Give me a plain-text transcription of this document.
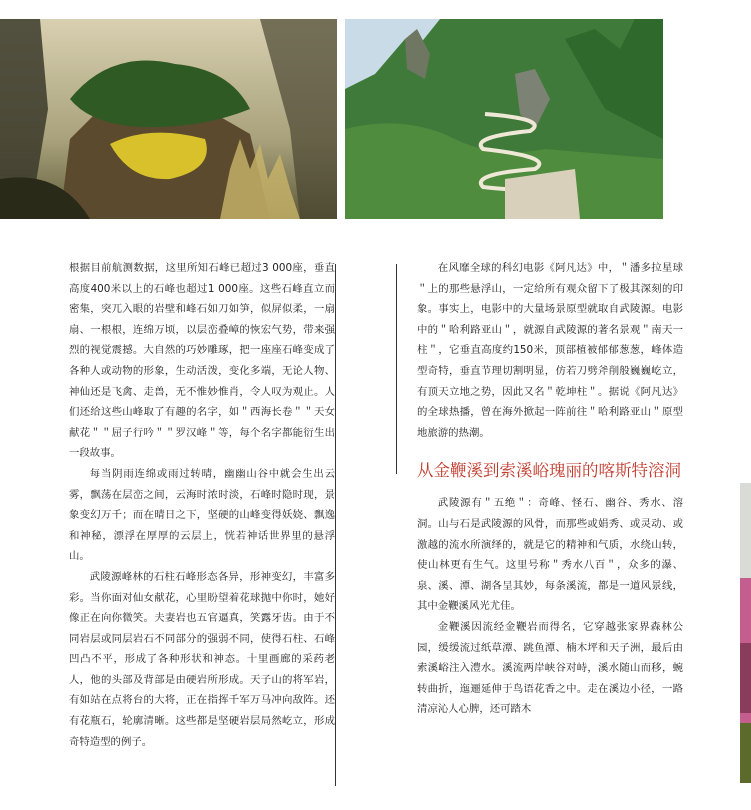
根据目前航测数据，这里所知石峰已超过3 000座，垂直高度400米以上的石峰也超过1 000座。这些石峰直立而密集，突兀入眼的岩壁和峰石如刀如笋，似屏似柔，一扇扇、一根根，连绵万顷，以层峦叠嶂的恢宏气势，带来强烈的视觉震撼。大自然的巧妙雕琢，把一座座石峰变成了各种人或动物的形象，生动活泼，变化多端，无论人物、神仙还是飞禽、走兽，无不惟妙惟肖，令人叹为观止。人们还给这些山峰取了有趣的名字，如＂西海长卷＂＂天女献花＂＂屈子行吟＂＂罗汉峰＂等，每个名字都能衍生出一段故事。

每当阴雨连绵或雨过转晴，幽幽山谷中就会生出云雾，飘荡在层峦之间，云海时浓时淡，石峰时隐时现，景象变幻万千；而在晴日之下，坚硬的山峰变得妖娆、飘逸和神秘，漂浮在厚厚的云层上，恍若神话世界里的悬浮山。

武陵源峰林的石柱石峰形态各异，形神变幻，丰富多彩。当你面对仙女献花，心里盼望着花球抛中你时，她好像正在向你微笑。夫妻岩也五官逼真，笑露牙齿。由于不同岩层或同层岩石不同部分的强弱不同，使得石柱、石峰凹凸不平，形成了各种形状和神态。十里画廊的采药老人，他的头部及背部是由硬岩所形成。天子山的将军岩，有如站在点将台的大将，正在指挥千军万马冲向敌阵。还有花瓶石，轮廓清晰。这些都是坚硬岩层局然屹立，形成奇特造型的例子。

在风靡全球的科幻电影《阿凡达》中，＂潘多拉星球＂上的那些悬浮山，一定给所有观众留下了极其深刻的印象。事实上，电影中的大量场景原型就取自武陵源。电影中的＂哈利路亚山＂，就源自武陵源的著名景观＂南天一柱＂，它垂直高度约150米，顶部植被郁郁葱葱，峰体造型奇特，垂直节理切割明显，仿若刀劈斧削般巍巍屹立，有顶天立地之势，因此又名＂乾坤柱＂。据说《阿凡达》的全球热播，曾在海外掀起一阵前往＂哈利路亚山＂原型地旅游的热潮。

从金鞭溪到索溪峪瑰丽的喀斯特溶洞

武陵源有＂五绝＂：奇峰、怪石、幽谷、秀水、溶洞。山与石是武陵源的风骨，而那些或娟秀、或灵动、或激越的流水所演绎的，就是它的精神和气质，水绕山转，使山林更有生气。这里号称＂秀水八百＂，众多的瀑、泉、溪、潭、湖各呈其妙，每条溪流，都是一道风景线，其中金鞭溪风光尤佳。

金鞭溪因流经金鞭岩而得名，它穿越张家界森林公园，缓缓流过纸草潭、跳鱼潭、楠木坪和天子洲，最后由索溪峪注入澧水。溪流两岸峡谷对峙，溪水随山而移，蜿转曲折，迤逦延伸于鸟语花香之中。走在溪边小径，一路清凉沁人心脾，还可踏木
